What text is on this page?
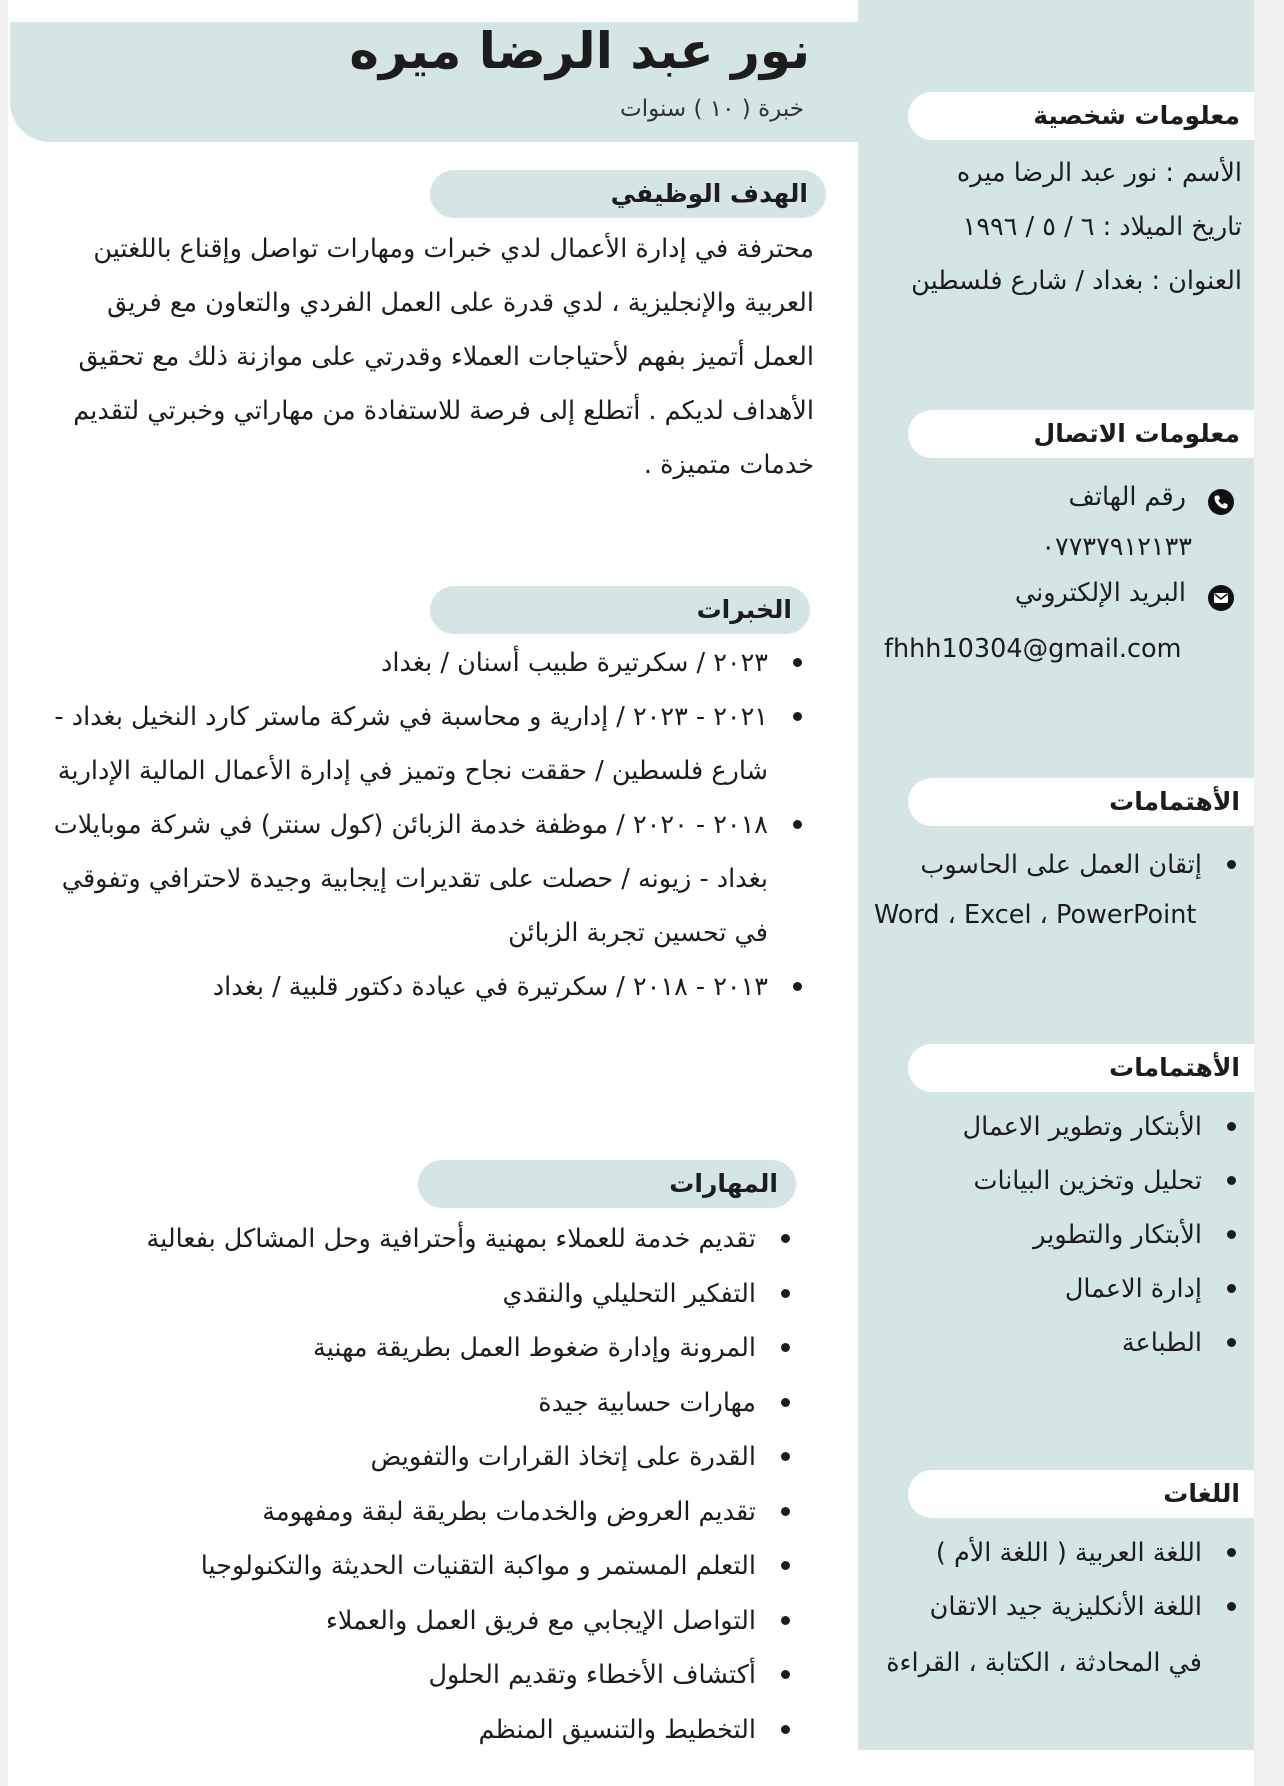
نور عبد الرضا ميره
خبرة ( ١٠ ) سنوات
الهدف الوظيفي

محترفة في إدارة الأعمال لدي خبرات ومهارات تواصل وإقناع باللغتين العربية والإنجليزية ، لدي قدرة على العمل الفردي والتعاون مع فريق العمل أتميز بفهم لأحتياجات العملاء وقدرتي على موازنة ذلك مع تحقيق الأهداف لديكم . أتطلع إلى فرصة للاستفادة من مهاراتي وخبرتي لتقديم خدمات متميزة .

الخبرات
٢٠٢٣ / سكرتيرة طبيب أسنان / بغداد
٢٠٢١ - ٢٠٢٣ / إدارية و محاسبة في شركة ماستر كارد النخيل بغداد - شارع فلسطين / حققت نجاح وتميز في إدارة الأعمال المالية الإدارية
٢٠١٨ - ٢٠٢٠ / موظفة خدمة الزبائن (كول سنتر) في شركة موبايلات بغداد - زيونه / حصلت على تقديرات إيجابية وجيدة لاحترافي وتفوقي في تحسين تجربة الزبائن
٢٠١٣ - ٢٠١٨ / سكرتيرة في عيادة دكتور قلبية / بغداد
المهارات
تقديم خدمة للعملاء بمهنية وأحترافية وحل المشاكل بفعالية
التفكير التحليلي والنقدي
المرونة وإدارة ضغوط العمل بطريقة مهنية
مهارات حسابية جيدة
القدرة على إتخاذ القرارات والتفويض
تقديم العروض والخدمات بطريقة لبقة ومفهومة
التعلم المستمر و مواكبة التقنيات الحديثة والتكنولوجيا
التواصل الإيجابي مع فريق العمل والعملاء
أكتشاف الأخطاء وتقديم الحلول
التخطيط والتنسيق المنظم
معلومات شخصية
الأسم : نور عبد الرضا ميره
تاريخ الميلاد : ٦ / ٥ / ١٩٩٦
العنوان : بغداد / شارع فلسطين
معلومات الاتصال
رقم الهاتف
٠٧٧٣٧٩١٢١٣٣
البريد الإلكتروني
fhhh10304@gmail.com
الأهتمامات
إتقان العمل على الحاسوب
Word ، Excel ، PowerPoint
الأهتمامات
الأبتكار وتطوير الاعمال
تحليل وتخزين البيانات
الأبتكار والتطوير
إدارة الاعمال
الطباعة
اللغات
اللغة العربية ( اللغة الأم )
اللغة الأنكليزية جيد الاتقان
في المحادثة ، الكتابة ، القراءة
